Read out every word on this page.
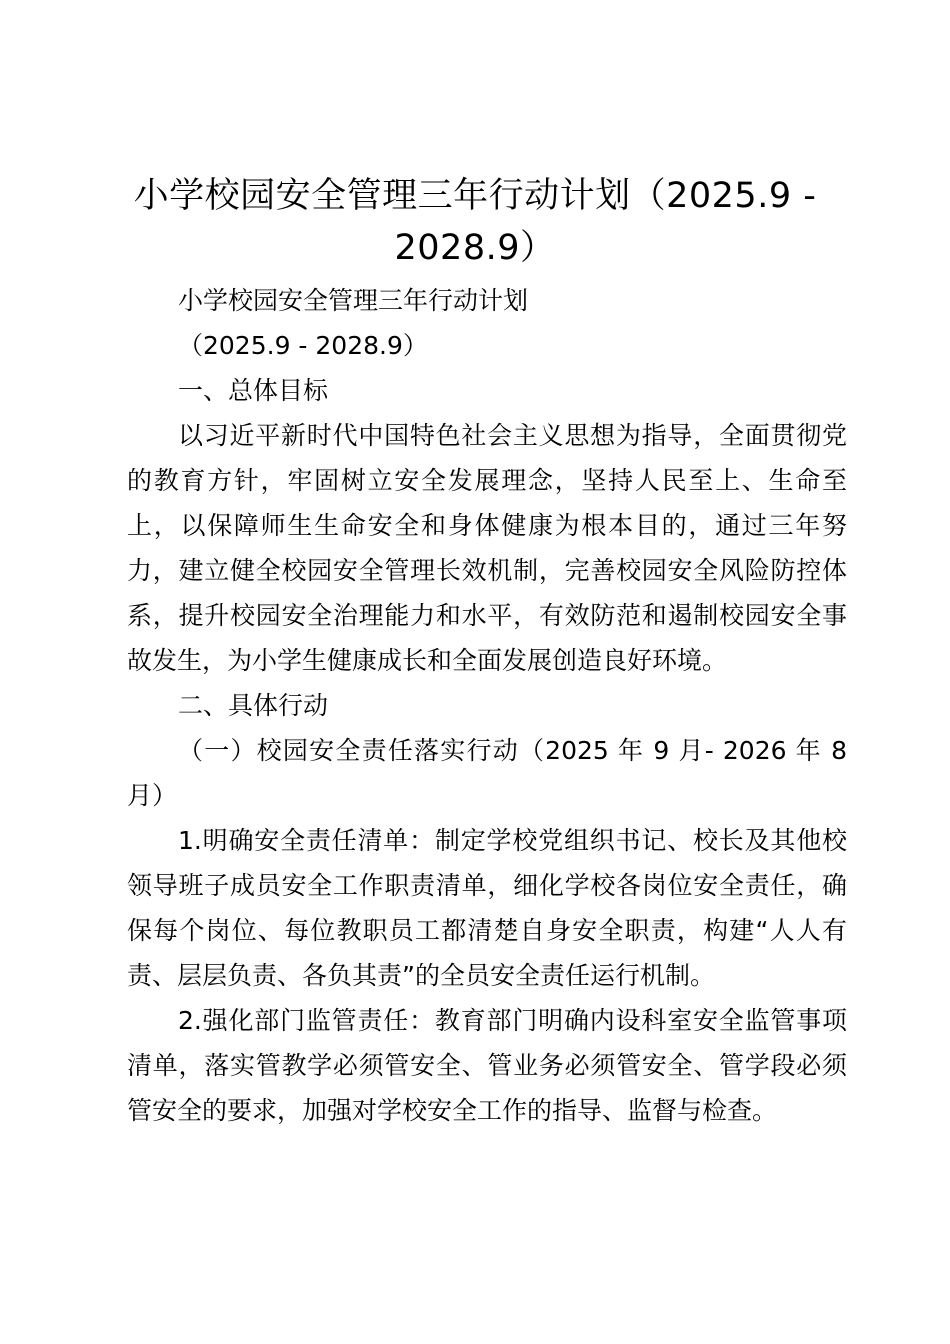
小学校园安全管理三年行动计划（2025.9 - 2028.9）

小学校园安全管理三年行动计划

（2025.9 - 2028.9）

一、总体目标

以习近平新时代中国特色社会主义思想为指导，全面贯彻党的教育方针，牢固树立安全发展理念，坚持人民至上、生命至上，以保障师生生命安全和身体健康为根本目的，通过三年努力，建立健全校园安全管理长效机制，完善校园安全风险防控体系，提升校园安全治理能力和水平，有效防范和遏制校园安全事故发生，为小学生健康成长和全面发展创造良好环境。

二、具体行动

（一）校园安全责任落实行动（2025 年 9 月- 2026 年 8 月）

1.明确安全责任清单：制定学校党组织书记、校长及其他校领导班子成员安全工作职责清单，细化学校各岗位安全责任，确保每个岗位、每位教职员工都清楚自身安全职责，构建“人人有责、层层负责、各负其责”的全员安全责任运行机制。

2.强化部门监管责任：教育部门明确内设科室安全监管事项清单，落实管教学必须管安全、管业务必须管安全、管学段必须管安全的要求，加强对学校安全工作的指导、监督与检查。
